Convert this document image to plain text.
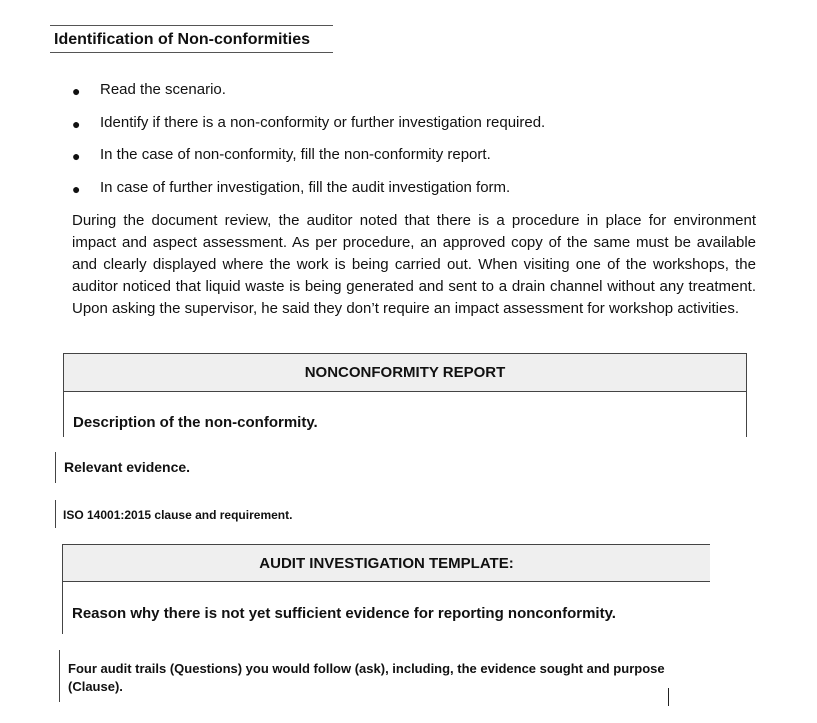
Identification of Non-conformities
● Read the scenario.
● Identify if there is a non-conformity or further investigation required.
● In the case of non-conformity, fill the non-conformity report.
● In case of further investigation, fill the audit investigation form.

During the document review, the auditor noted that there is a procedure in place for environment impact and aspect assessment. As per procedure, an approved copy of the same must be available and clearly displayed where the work is being carried out. When visiting one of the workshops, the auditor noticed that liquid waste is being generated and sent to a drain channel without any treatment. Upon asking the supervisor, he said they don’t require an impact assessment for workshop activities.

NONCONFORMITY REPORT
Description of the non-conformity.
Relevant evidence.
ISO 14001:2015 clause and requirement.
AUDIT INVESTIGATION TEMPLATE:
Reason why there is not yet sufficient evidence for reporting nonconformity.
Four audit trails (Questions) you would follow (ask), including, the evidence sought and purpose
(Clause).
